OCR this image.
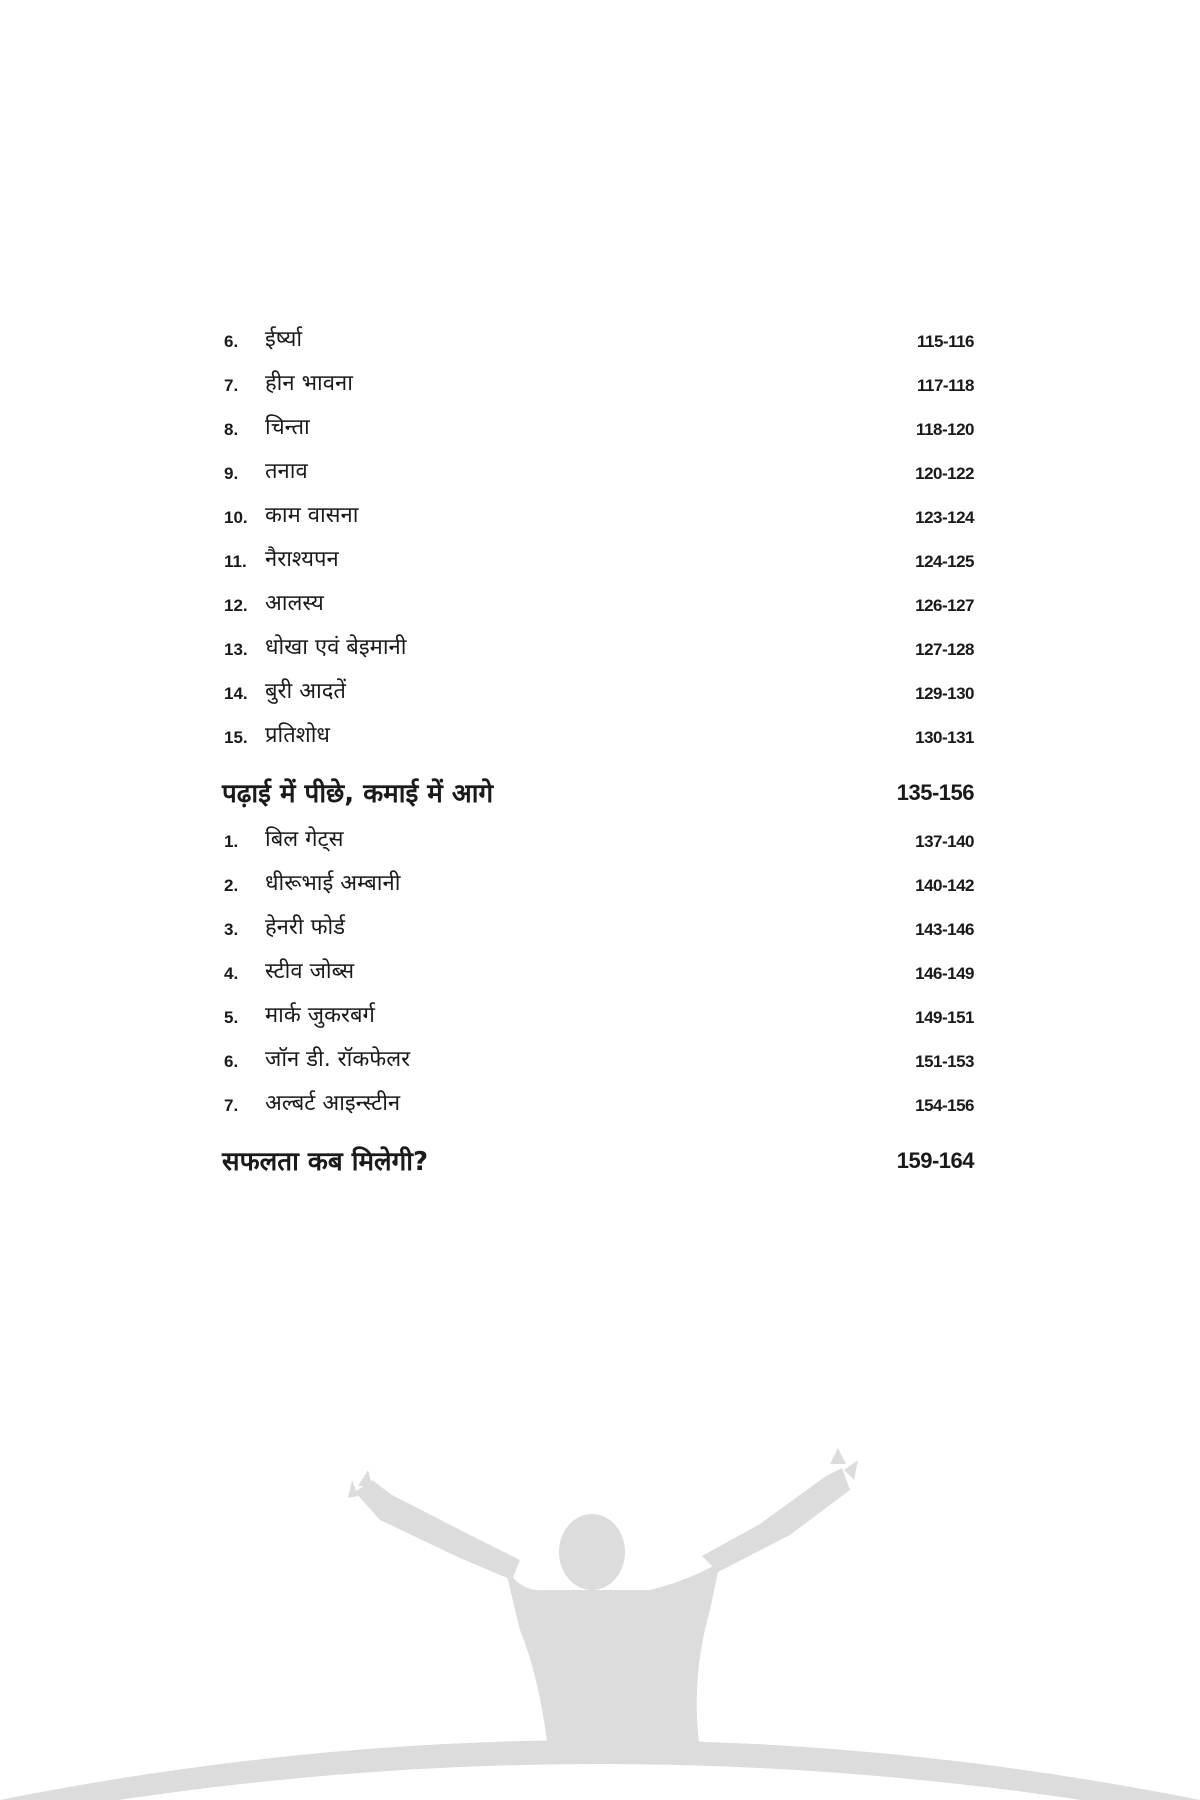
6. ईर्ष्या	115-116
7. हीन भावना	117-118
8. चिन्ता	118-120
9. तनाव	120-122
10. काम वासना	123-124
11. नैराश्यपन	124-125
12. आलस्य	126-127
13. धोखा एवं बेइमानी	127-128
14. बुरी आदतें	129-130
15. प्रतिशोध	130-131
पढ़ाई में पीछे, कमाई में आगे	135-156
1. बिल गेट्स	137-140
2. धीरूभाई अम्बानी	140-142
3. हेनरी फोर्ड	143-146
4. स्टीव जोब्स	146-149
5. मार्क जुकरबर्ग	149-151
6. जॉन डी. रॉकफेलर	151-153
7. अल्बर्ट आइन्स्टीन	154-156
सफलता कब मिलेगी?	159-164
